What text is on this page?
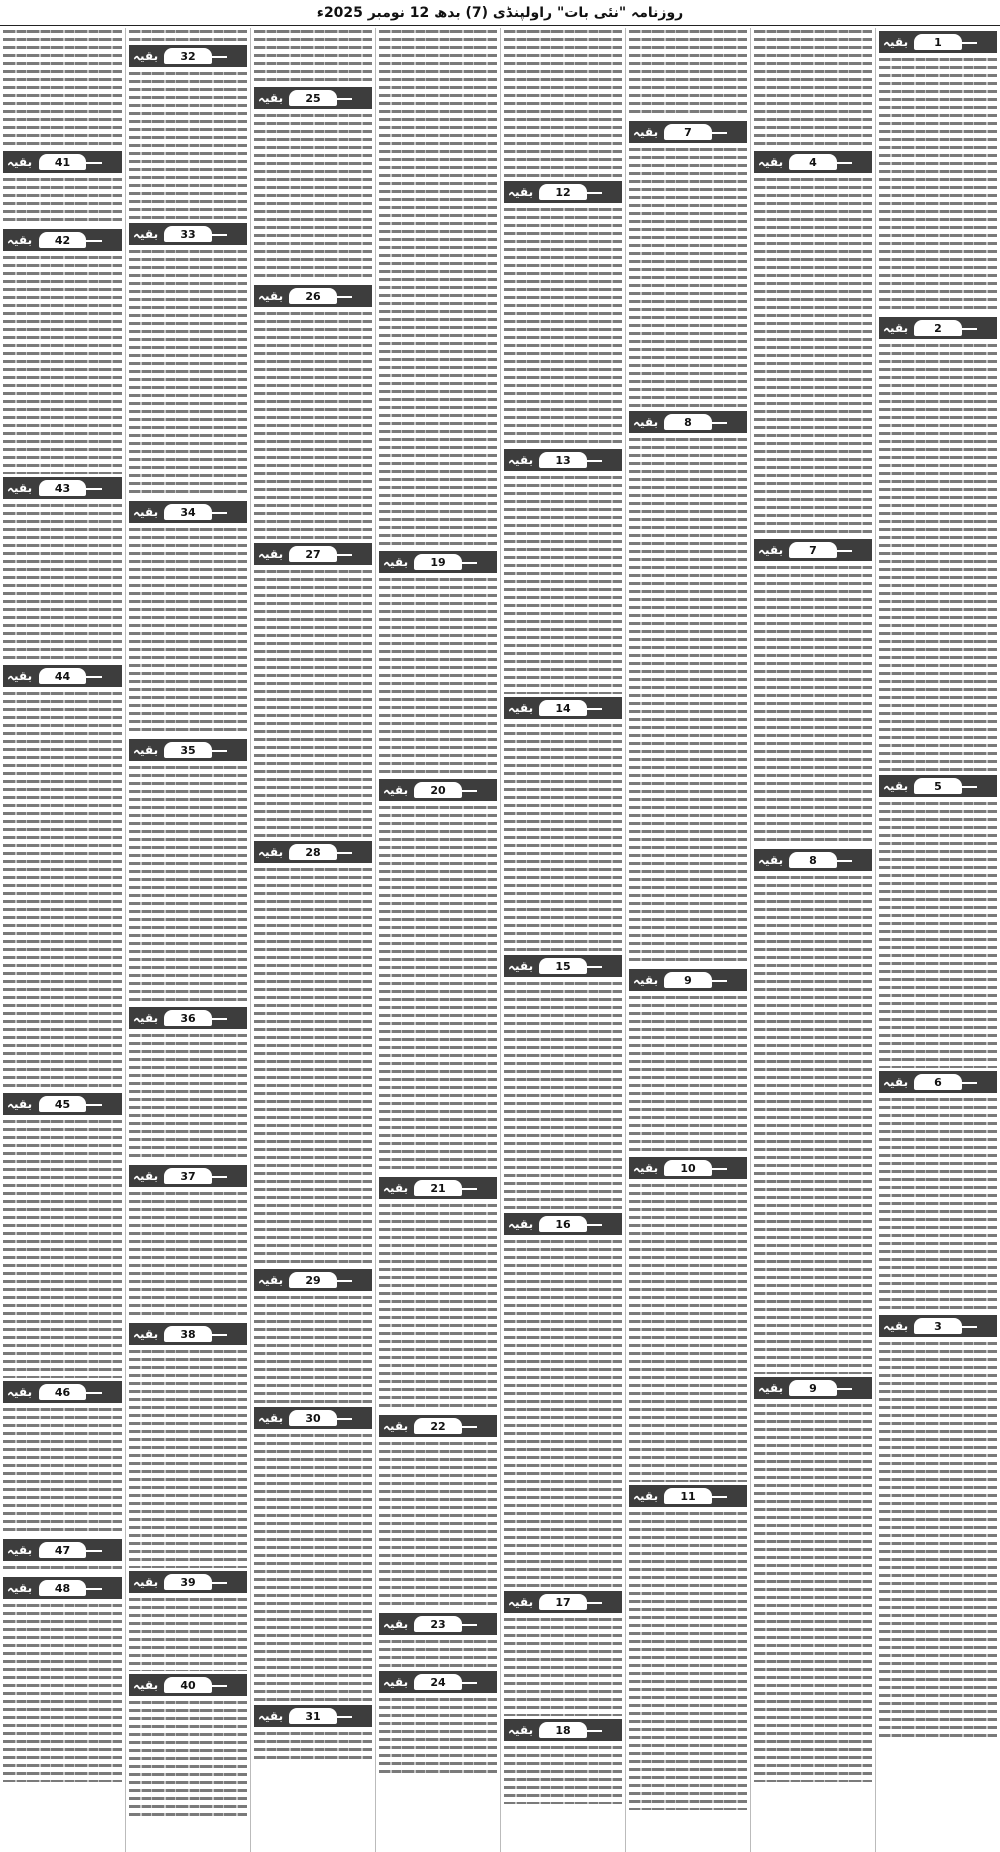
روزنامہ "نئی بات" راولپنڈی (7) بدھ 12 نومبر 2025ء
بقیہ 1
بقیہ 2
بقیہ 5
بقیہ 6
بقیہ 3
بقیہ 4
بقیہ 7
بقیہ 8
بقیہ 9
بقیہ 7
بقیہ 8
بقیہ 9
بقیہ 10
بقیہ 11
بقیہ 12
بقیہ 13
بقیہ 14
بقیہ 15
بقیہ 16
بقیہ 17
بقیہ 18
بقیہ 19
بقیہ 20
بقیہ 21
بقیہ 22
بقیہ 23
بقیہ 24
بقیہ 25
بقیہ 26
بقیہ 27
بقیہ 28
بقیہ 29
بقیہ 30
بقیہ 31
بقیہ 32
بقیہ 33
بقیہ 34
بقیہ 35
بقیہ 36
بقیہ 37
بقیہ 38
بقیہ 39
بقیہ 40
بقیہ 41
بقیہ 42
بقیہ 43
بقیہ 44
بقیہ 45
بقیہ 46
بقیہ 47
بقیہ 48
